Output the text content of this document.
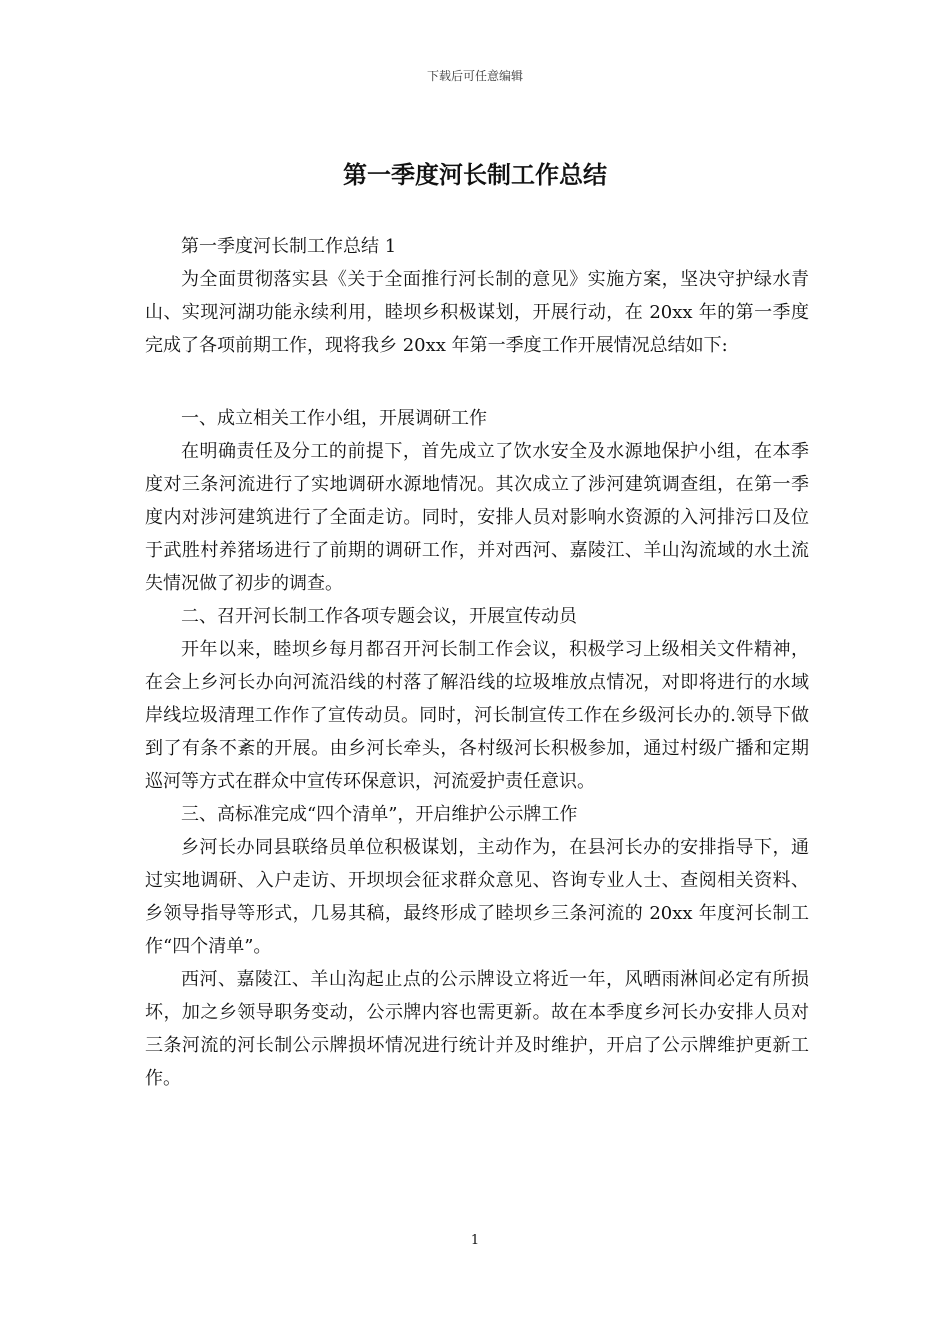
下载后可任意编辑
第一季度河长制工作总结

第一季度河长制工作总结 1

为全面贯彻落实县《关于全面推行河长制的意见》实施方案，坚决守护绿水青山、实现河湖功能永续利用，睦坝乡积极谋划，开展行动，在 20xx 年的第一季度完成了各项前期工作，现将我乡 20xx 年第一季度工作开展情况总结如下:

一、成立相关工作小组，开展调研工作

在明确责任及分工的前提下，首先成立了饮水安全及水源地保护小组，在本季度对三条河流进行了实地调研水源地情况。其次成立了涉河建筑调查组，在第一季度内对涉河建筑进行了全面走访。同时，安排人员对影响水资源的入河排污口及位于武胜村养猪场进行了前期的调研工作，并对西河、嘉陵江、羊山沟流域的水土流失情况做了初步的调查。

二、召开河长制工作各项专题会议，开展宣传动员

开年以来，睦坝乡每月都召开河长制工作会议，积极学习上级相关文件精神，在会上乡河长办向河流沿线的村落了解沿线的垃圾堆放点情况，对即将进行的水域岸线垃圾清理工作作了宣传动员。同时，河长制宣传工作在乡级河长办的.领导下做到了有条不紊的开展。由乡河长牵头，各村级河长积极参加，通过村级广播和定期巡河等方式在群众中宣传环保意识，河流爱护责任意识。

三、高标准完成“四个清单”，开启维护公示牌工作

乡河长办同县联络员单位积极谋划，主动作为，在县河长办的安排指导下，通过实地调研、入户走访、开坝坝会征求群众意见、咨询专业人士、查阅相关资料、乡领导指导等形式，几易其稿，最终形成了睦坝乡三条河流的 20xx 年度河长制工作“四个清单”。

西河、嘉陵江、羊山沟起止点的公示牌设立将近一年，风晒雨淋间必定有所损坏，加之乡领导职务变动，公示牌内容也需更新。故在本季度乡河长办安排人员对三条河流的河长制公示牌损坏情况进行统计并及时维护，开启了公示牌维护更新工作。

1
